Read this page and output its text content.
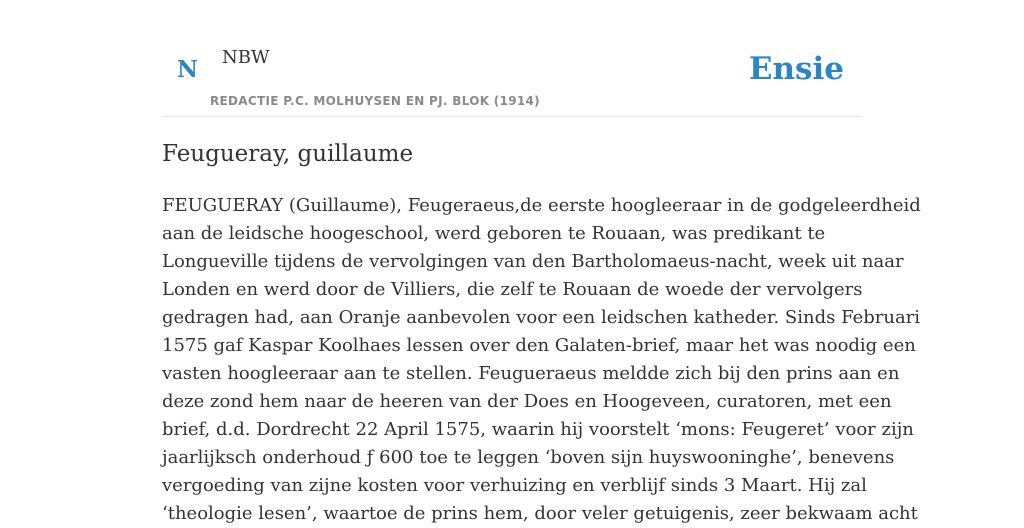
N NBW
REDACTIE P.C. MOLHUYSEN EN PJ. BLOK (1914)
Ensie
Feugueray, guillaume
FEUGUERAY (Guillaume), Feugeraeus,de eerste hoogleeraar in de godgeleerdheid
aan de leidsche hoogeschool, werd geboren te Rouaan, was predikant te
Longueville tijdens de vervolgingen van den Bartholomaeus-nacht, week uit naar
Londen en werd door de Villiers, die zelf te Rouaan de woede der vervolgers
gedragen had, aan Oranje aanbevolen voor een leidschen katheder. Sinds Februari
1575 gaf Kaspar Koolhaes lessen over den Galaten-brief, maar het was noodig een
vasten hoogleeraar aan te stellen. Feugueraeus meldde zich bij den prins aan en
deze zond hem naar de heeren van der Does en Hoogeveen, curatoren, met een
brief, d.d. Dordrecht 22 April 1575, waarin hij voorstelt ‘mons: Feugeret’ voor zijn
jaarlijksch onderhoud ƒ 600 toe te leggen ‘boven sijn huyswooninghe’, benevens
vergoeding van zijne kosten voor verhuizing en verblijf sinds 3 Maart. Hij zal
‘theologie lesen’, waartoe de prins hem, door veler getuigenis, zeer bekwaam acht
